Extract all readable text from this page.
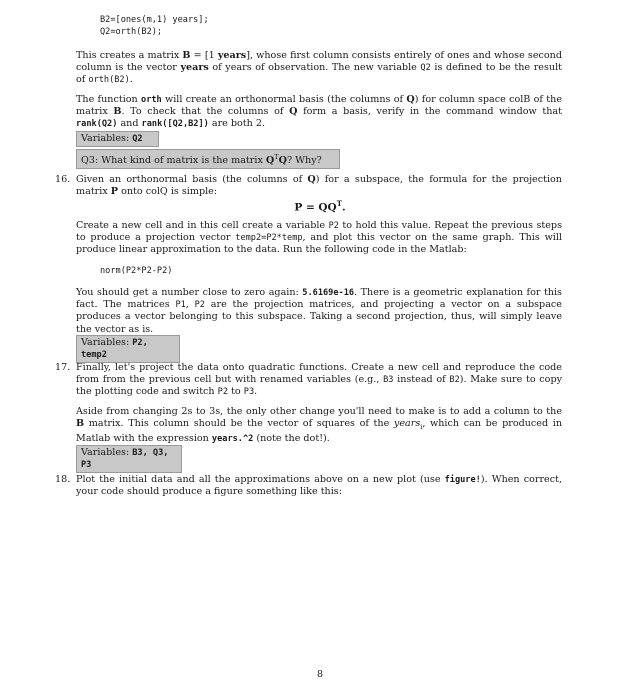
B2=[ones(m,1) years];
Q2=orth(B2);
This creates a matrix B = [1 years], whose first column consists entirely of ones and whose second column is the vector years of years of observation. The new variable Q2 is defined to be the result of orth(B2).
The function orth will create an orthonormal basis (the columns of Q) for column space colB of the matrix B. To check that the columns of Q form a basis, verify in the command window that rank(Q2) and rank([Q2,B2]) are both 2.
Variables: Q2
Q3: What kind of matrix is the matrix $Q^TQ$? Why?
16. Given an orthonormal basis (the columns of Q) for a subspace, the formula for the projection matrix P onto colQ is simple:
$P = QQ^T$.
Create a new cell and in this cell create a variable P2 to hold this value. Repeat the previous steps to produce a projection vector temp2=P2*temp, and plot this vector on the same graph. This will produce linear approximation to the data. Run the following code in the Matlab:
norm(P2*P2-P2)
You should get a number close to zero again: 5.6169e-16. There is a geometric explanation for this fact. The matrices P1, P2 are the projection matrices, and projecting a vector on a subspace produces a vector belonging to this subspace. Taking a second projection, thus, will simply leave the vector as is.
Variables: P2, temp2
17. Finally, let's project the data onto quadratic functions. Create a new cell and reproduce the code from from the previous cell but with renamed variables (e.g., B3 instead of B2). Make sure to copy the plotting code and switch P2 to P3.
Aside from changing 2s to 3s, the only other change you'll need to make is to add a column to the B matrix. This column should be the vector of squares of the years$_i$, which can be produced in Matlab with the expression years.^2 (note the dot!).
Variables: B3, Q3, P3
18. Plot the initial data and all the approximations above on a new plot (use figure!). When correct, your code should produce a figure something like this:
8
